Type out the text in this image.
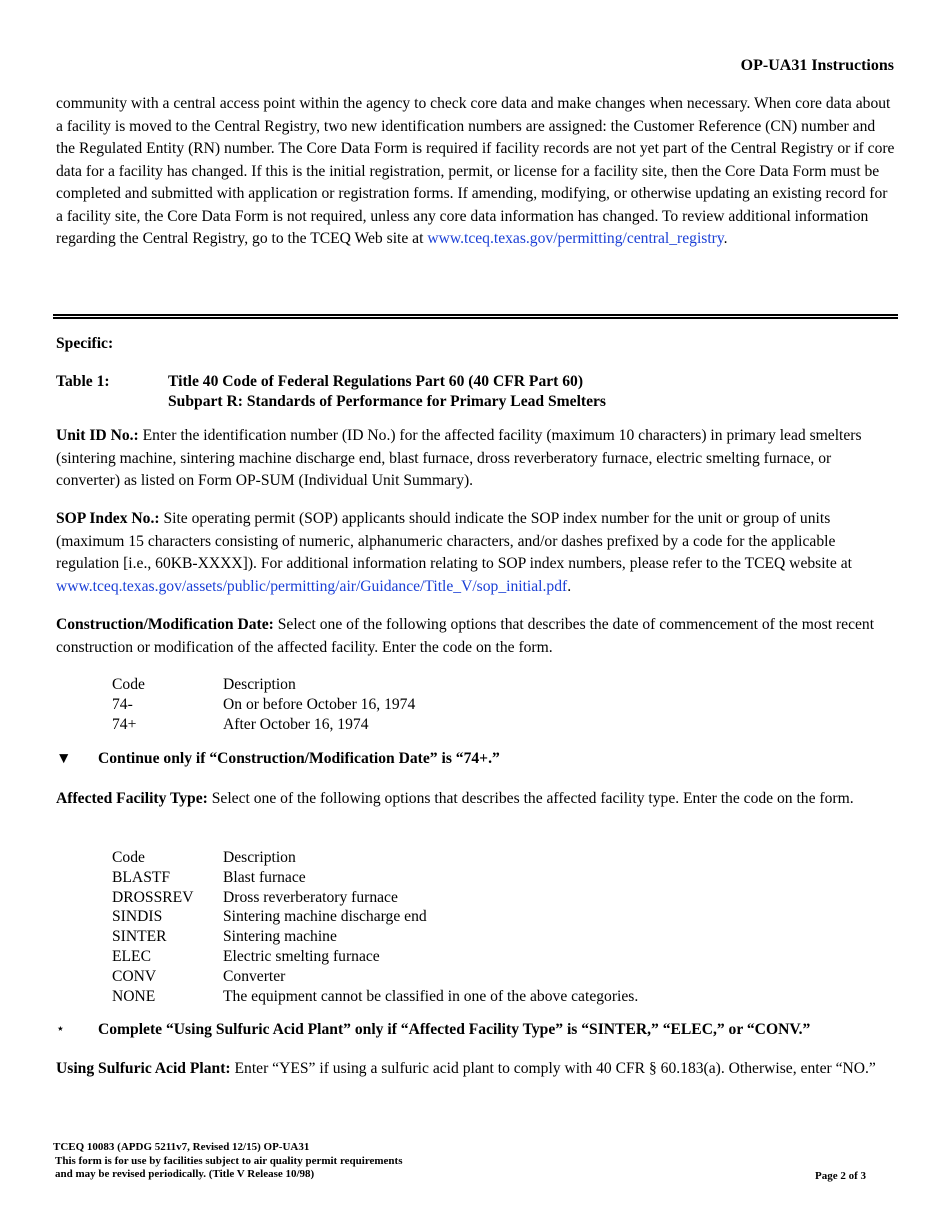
OP-UA31 Instructions
community with a central access point within the agency to check core data and make changes when necessary. When core data about a facility is moved to the Central Registry, two new identification numbers are assigned: the Customer Reference (CN) number and the Regulated Entity (RN) number. The Core Data Form is required if facility records are not yet part of the Central Registry or if core data for a facility has changed. If this is the initial registration, permit, or license for a facility site, then the Core Data Form must be completed and submitted with application or registration forms. If amending, modifying, or otherwise updating an existing record for a facility site, the Core Data Form is not required, unless any core data information has changed. To review additional information regarding the Central Registry, go to the TCEQ Web site at www.tceq.texas.gov/permitting/central_registry.
Specific:
Table 1:	Title 40 Code of Federal Regulations Part 60 (40 CFR Part 60)
Subpart R: Standards of Performance for Primary Lead Smelters
Unit ID No.: Enter the identification number (ID No.) for the affected facility (maximum 10 characters) in primary lead smelters (sintering machine, sintering machine discharge end, blast furnace, dross reverberatory furnace, electric smelting furnace, or converter) as listed on Form OP-SUM (Individual Unit Summary).
SOP Index No.: Site operating permit (SOP) applicants should indicate the SOP index number for the unit or group of units (maximum 15 characters consisting of numeric, alphanumeric characters, and/or dashes prefixed by a code for the applicable regulation [i.e., 60KB-XXXX]). For additional information relating to SOP index numbers, please refer to the TCEQ website at www.tceq.texas.gov/assets/public/permitting/air/Guidance/Title_V/sop_initial.pdf.
Construction/Modification Date: Select one of the following options that describes the date of commencement of the most recent construction or modification of the affected facility. Enter the code on the form.
Code	Description
74-	On or before October 16, 1974
74+	After October 16, 1974
▼ Continue only if “Construction/Modification Date” is “74+.”
Affected Facility Type: Select one of the following options that describes the affected facility type. Enter the code on the form.
Code	Description
BLASTF	Blast furnace
DROSSREV Dross reverberatory furnace
SINDIS	Sintering machine discharge end
SINTER	Sintering machine
ELEC	Electric smelting furnace
CONV	Converter
NONE	The equipment cannot be classified in one of the above categories.
⋆ Complete “Using Sulfuric Acid Plant” only if “Affected Facility Type” is “SINTER,” “ELEC,” or “CONV.”
Using Sulfuric Acid Plant: Enter “YES” if using a sulfuric acid plant to comply with 40 CFR § 60.183(a). Otherwise, enter “NO.”
TCEQ 10083 (APDG 5211v7, Revised 12/15) OP-UA31
This form is for use by facilities subject to air quality permit requirements
and may be revised periodically. (Title V Release 10/98)	Page 2 of 3
